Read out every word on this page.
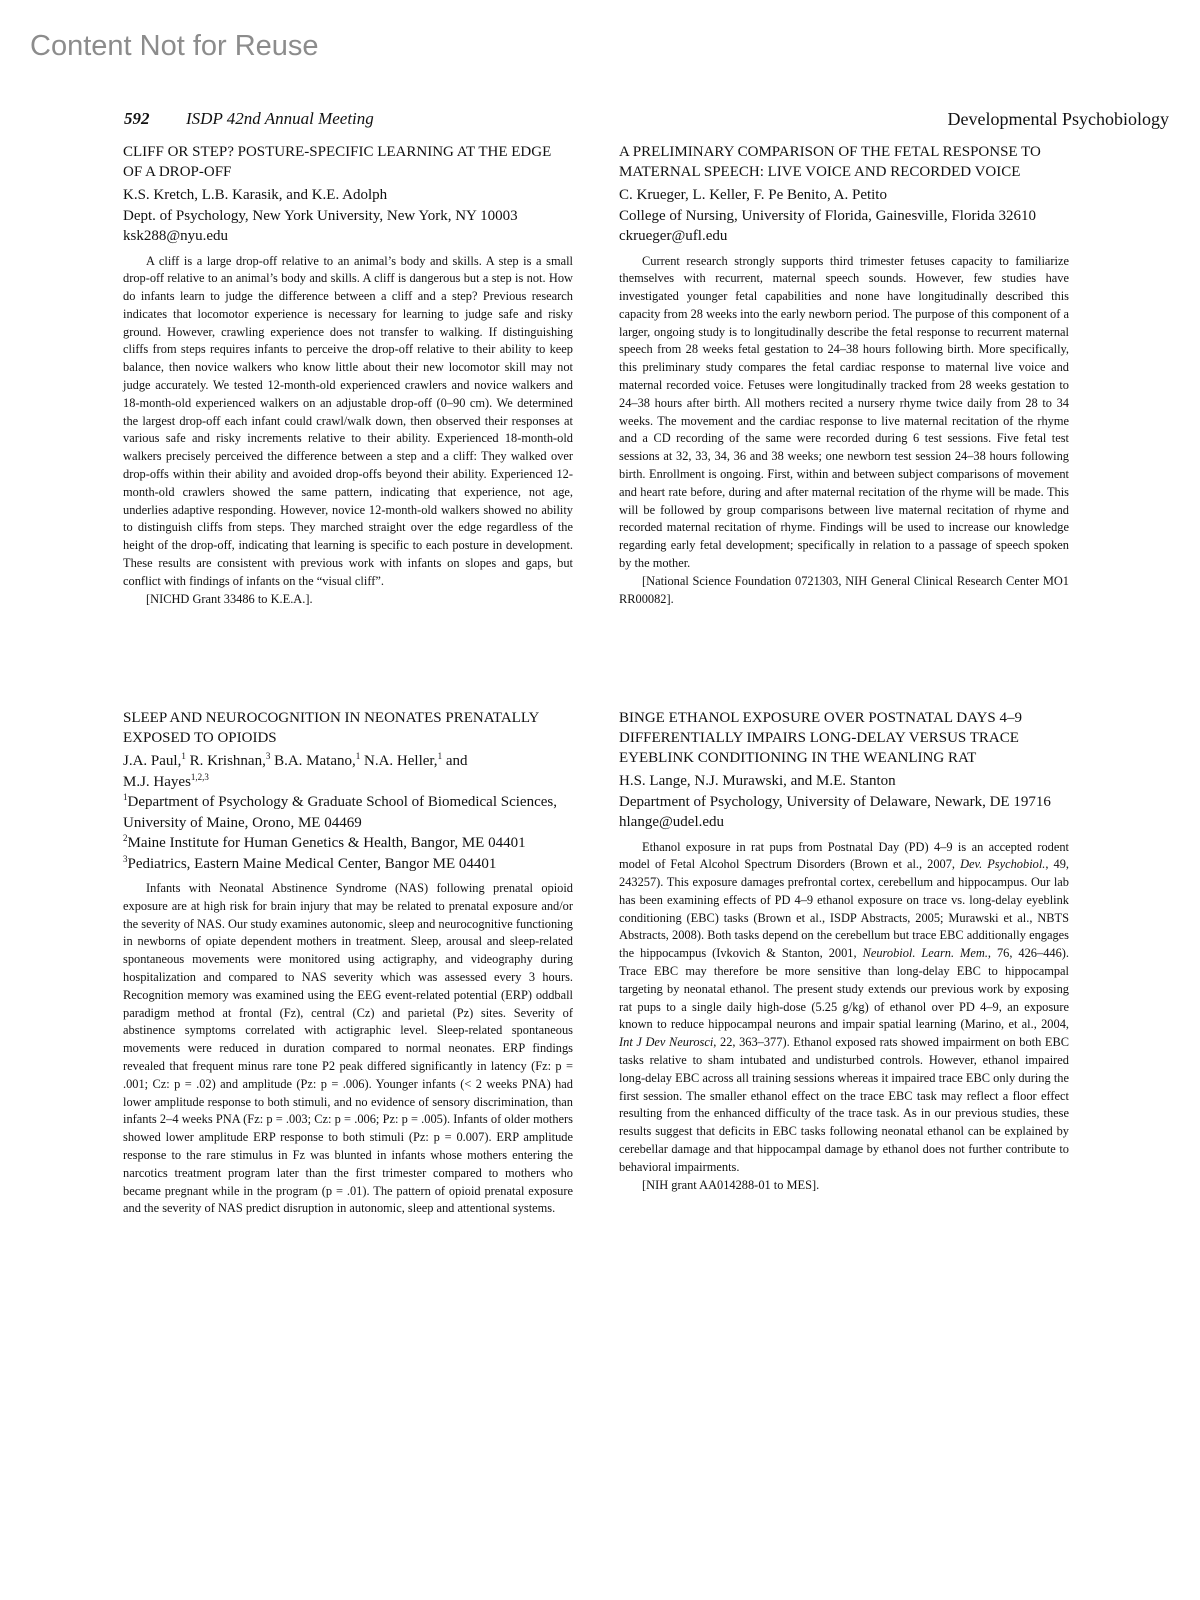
Content Not for Reuse
592 ISDP 42nd Annual Meeting	Developmental Psychobiology
CLIFF OR STEP? POSTURE-SPECIFIC LEARNING AT THE EDGE OF A DROP-OFF
K.S. Kretch, L.B. Karasik, and K.E. Adolph
Dept. of Psychology, New York University, New York, NY 10003
ksk288@nyu.edu

A cliff is a large drop-off relative to an animal’s body and skills. A step is a small drop-off relative to an animal’s body and skills. A cliff is dangerous but a step is not. How do infants learn to judge the difference between a cliff and a step? Previous research indicates that locomotor experience is necessary for learning to judge safe and risky ground. However, crawling experience does not transfer to walking. If distinguishing cliffs from steps requires infants to perceive the drop-off relative to their ability to keep balance, then novice walkers who know little about their new locomotor skill may not judge accurately. We tested 12-month-old experienced crawlers and novice walkers and 18-month-old experienced walkers on an adjustable drop-off (0–90 cm). We determined the largest drop-off each infant could crawl/walk down, then observed their responses at various safe and risky increments relative to their ability. Experienced 18-month-old walkers precisely perceived the difference between a step and a cliff: They walked over drop-offs within their ability and avoided drop-offs beyond their ability. Experienced 12-month-old crawlers showed the same pattern, indicating that experience, not age, underlies adaptive responding. However, novice 12-month-old walkers showed no ability to distinguish cliffs from steps. They marched straight over the edge regardless of the height of the drop-off, indicating that learning is specific to each posture in development. These results are consistent with previous work with infants on slopes and gaps, but conflict with findings of infants on the “visual cliff”.

[NICHD Grant 33486 to K.E.A.].

A PRELIMINARY COMPARISON OF THE FETAL RESPONSE TO MATERNAL SPEECH: LIVE VOICE AND RECORDED VOICE
C. Krueger, L. Keller, F. Pe Benito, A. Petito
College of Nursing, University of Florida, Gainesville, Florida 32610
ckrueger@ufl.edu

Current research strongly supports third trimester fetuses capacity to familiarize themselves with recurrent, maternal speech sounds. However, few studies have investigated younger fetal capabilities and none have longitudinally described this capacity from 28 weeks into the early newborn period. The purpose of this component of a larger, ongoing study is to longitudinally describe the fetal response to recurrent maternal speech from 28 weeks fetal gestation to 24–38 hours following birth. More specifically, this preliminary study compares the fetal cardiac response to maternal live voice and maternal recorded voice. Fetuses were longitudinally tracked from 28 weeks gestation to 24–38 hours after birth. All mothers recited a nursery rhyme twice daily from 28 to 34 weeks. The movement and the cardiac response to live maternal recitation of the rhyme and a CD recording of the same were recorded during 6 test sessions. Five fetal test sessions at 32, 33, 34, 36 and 38 weeks; one newborn test session 24–38 hours following birth. Enrollment is ongoing. First, within and between subject comparisons of movement and heart rate before, during and after maternal recitation of the rhyme will be made. This will be followed by group comparisons between live maternal recitation of rhyme and recorded maternal recitation of rhyme. Findings will be used to increase our knowledge regarding early fetal development; specifically in relation to a passage of speech spoken by the mother.

[National Science Foundation 0721303, NIH General Clinical Research Center MO1 RR00082].

SLEEP AND NEUROCOGNITION IN NEONATES PRENATALLY EXPOSED TO OPIOIDS
J.A. Paul,$^1$ R. Krishnan,$^3$ B.A. Matano,$^1$ N.A. Heller,$^1$ and
M.J. Hayes$^{1,2,3}$
$^1$Department of Psychology & Graduate School of Biomedical Sciences, University of Maine, Orono, ME 04469
$^2$Maine Institute for Human Genetics & Health, Bangor, ME 04401
$^3$Pediatrics, Eastern Maine Medical Center, Bangor ME 04401

Infants with Neonatal Abstinence Syndrome (NAS) following prenatal opioid exposure are at high risk for brain injury that may be related to prenatal exposure and/or the severity of NAS. Our study examines autonomic, sleep and neurocognitive functioning in newborns of opiate dependent mothers in treatment. Sleep, arousal and sleep-related spontaneous movements were monitored using actigraphy, and videography during hospitalization and compared to NAS severity which was assessed every 3 hours. Recognition memory was examined using the EEG event-related potential (ERP) oddball paradigm method at frontal (Fz), central (Cz) and parietal (Pz) sites. Severity of abstinence symptoms correlated with actigraphic level. Sleep-related spontaneous movements were reduced in duration compared to normal neonates. ERP findings revealed that frequent minus rare tone P2 peak differed significantly in latency (Fz: p = .001; Cz: p = .02) and amplitude (Pz: p = .006). Younger infants (< 2 weeks PNA) had lower amplitude response to both stimuli, and no evidence of sensory discrimination, than infants 2–4 weeks PNA (Fz: p = .003; Cz: p = .006; Pz: p = .005). Infants of older mothers showed lower amplitude ERP response to both stimuli (Pz: p = 0.007). ERP amplitude response to the rare stimulus in Fz was blunted in infants whose mothers entering the narcotics treatment program later than the first trimester compared to mothers who became pregnant while in the program (p = .01). The pattern of opioid prenatal exposure and the severity of NAS predict disruption in autonomic, sleep and attentional systems.

BINGE ETHANOL EXPOSURE OVER POSTNATAL DAYS 4–9 DIFFERENTIALLY IMPAIRS LONG-DELAY VERSUS TRACE EYEBLINK CONDITIONING IN THE WEANLING RAT
H.S. Lange, N.J. Murawski, and M.E. Stanton
Department of Psychology, University of Delaware, Newark, DE 19716
hlange@udel.edu

Ethanol exposure in rat pups from Postnatal Day (PD) 4–9 is an accepted rodent model of Fetal Alcohol Spectrum Disorders (Brown et al., 2007, Dev. Psychobiol., 49, 243257). This exposure damages prefrontal cortex, cerebellum and hippocampus. Our lab has been examining effects of PD 4–9 ethanol exposure on trace vs. long-delay eyeblink conditioning (EBC) tasks (Brown et al., ISDP Abstracts, 2005; Murawski et al., NBTS Abstracts, 2008). Both tasks depend on the cerebellum but trace EBC additionally engages the hippocampus (Ivkovich & Stanton, 2001, Neurobiol. Learn. Mem., 76, 426–446). Trace EBC may therefore be more sensitive than long-delay EBC to hippocampal targeting by neonatal ethanol. The present study extends our previous work by exposing rat pups to a single daily high-dose (5.25 g/kg) of ethanol over PD 4–9, an exposure known to reduce hippocampal neurons and impair spatial learning (Marino, et al., 2004, Int J Dev Neurosci, 22, 363–377). Ethanol exposed rats showed impairment on both EBC tasks relative to sham intubated and undisturbed controls. However, ethanol impaired long-delay EBC across all training sessions whereas it impaired trace EBC only during the first session. The smaller ethanol effect on the trace EBC task may reflect a floor effect resulting from the enhanced difficulty of the trace task. As in our previous studies, these results suggest that deficits in EBC tasks following neonatal ethanol can be explained by cerebellar damage and that hippocampal damage by ethanol does not further contribute to behavioral impairments.

[NIH grant AA014288-01 to MES].
